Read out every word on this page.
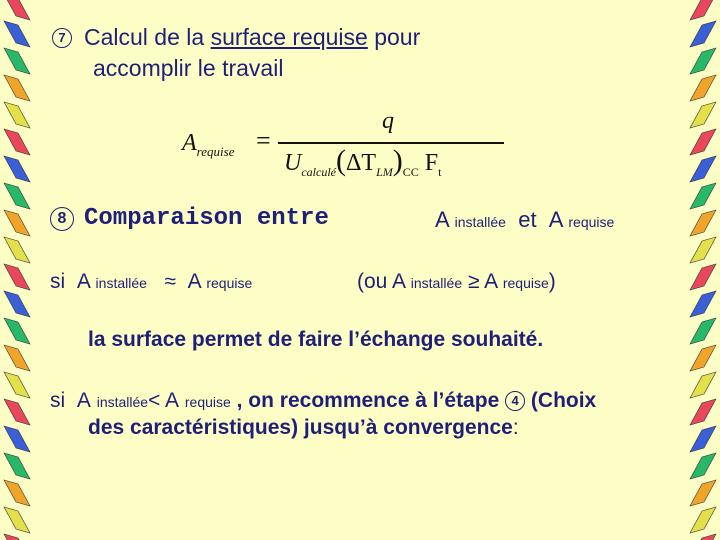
7 Calcul de la surface requise pour
accomplir le travail
$A_{requise}$ =
q
$U_{calculé}(\Delta T_{LM})_{CC}$ $F_t$
8 Comparaison entre	A installée et A requise
si A installée ≈ A requise	(ou A installée ≥ A requise)
la surface permet de faire l’échange souhaité.
si A installée< A requise , on recommence à l’étape 4 (Choix
des caractéristiques) jusqu’à convergence:
